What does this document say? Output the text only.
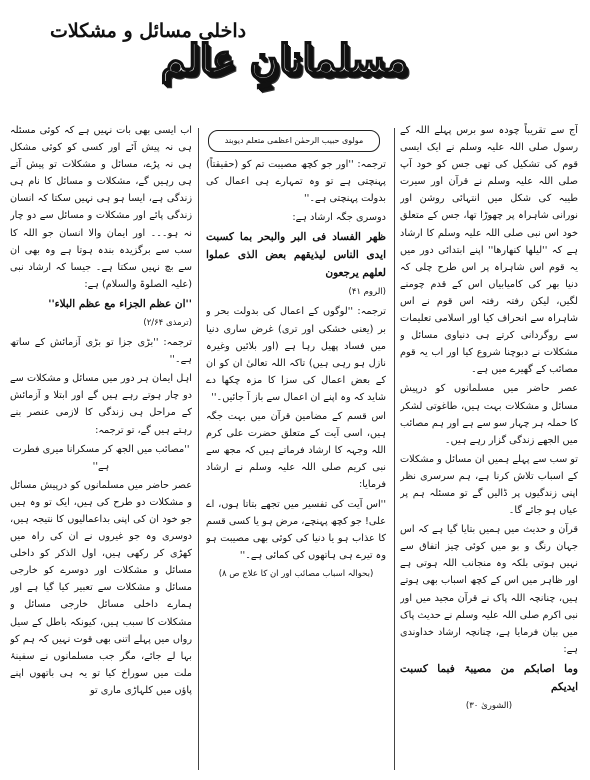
مسلمانانِ عالم
داخلی مسائل و مشکلات
مولوی حبیب الرحمٰن اعظمی متعلم دیوبند

آج سے تقریباً چودہ سو برس پہلے اللہ کے رسول صلی اللہ علیہ وسلم نے ایک ایسی قوم کی تشکیل کی تھی جس کو خود آپ صلی اللہ علیہ وسلم نے قرآن اور سیرت طیبہ کی شکل میں انتہائی روشن اور نورانی شاہراہ پر چھوڑا تھا، جس کے متعلق خود اس نبی صلی اللہ علیہ وسلم کا ارشاد ہے کہ ''لیلھا کنھارھا'' اپنے ابتدائی دور میں یہ قوم اس شاہراہ پر اس طرح چلی کہ دنیا بھر کی کامیابیاں اس کے قدم چومنے لگیں، لیکن رفتہ رفتہ اس قوم نے اس شاہراہ سے انحراف کیا اور اسلامی تعلیمات سے روگردانی کرتے ہی دنیاوی مسائل و مشکلات نے دبوچنا شروع کیا اور اب یہ قوم مصائب کے گھیرے میں ہے۔

عصر حاضر میں مسلمانوں کو درپیش مسائل و مشکلات بہت ہیں، طاغوتی لشکر کا حملہ ہر چہار سو سے ہے اور ہم مصائب میں الجھے زندگی گزار رہے ہیں۔

تو سب سے پہلے ہمیں ان مسائل و مشکلات کے اسباب تلاش کرنا ہے، ہم سرسری نظر اپنی زندگیوں پر ڈالیں گے تو مسئلہ ہم پر عیاں ہو جائے گا۔

قرآن و حدیث میں ہمیں بتایا گیا ہے کہ اس جہان رنگ و بو میں کوئی چیز اتفاق سے نہیں ہوتی بلکہ وہ منجانب اللہ ہوتی ہے اور ظاہر میں اس کے کچھ اسباب بھی ہوتے ہیں، چنانچہ اللہ پاک نے قرآن مجید میں اور نبی اکرم صلی اللہ علیہ وسلم نے حدیث پاک میں بیان فرمایا ہے، چنانچہ ارشاد خداوندی ہے:

وما اصابکم من مصیبۃ فبما کسبت ایدیکم

(الشوریٰ ۳۰)

ترجمہ: ''اور جو کچھ مصیبت تم کو (حقیقتاً) پہنچتی ہے تو وہ تمہارے ہی اعمال کی بدولت پہنچتی ہے۔''

دوسری جگہ ارشاد ہے:

ظھر الفساد فی البر والبحر بما کسبت ایدی الناس لیذیقھم بعض الذی عملوا لعلھم یرجعون

(الروم ۴۱)

ترجمہ: ''لوگوں کے اعمال کی بدولت بحر و بر (یعنی خشکی اور تری) غرض ساری دنیا میں فساد پھیل رہا ہے (اور بلائیں وغیرہ نازل ہو رہی ہیں) تاکہ اللہ تعالیٰ ان کو ان کے بعض اعمال کی سزا کا مزہ چکھا دے شاید کہ وہ اپنے ان اعمال سے باز آ جائیں۔''

اس قسم کے مضامین قرآن میں بہت جگہ ہیں، اسی آیت کے متعلق حضرت علی کرم اللہ وجہہ کا ارشاد فرماتے ہیں کہ مجھ سے نبی کریم صلی اللہ علیہ وسلم نے ارشاد فرمایا:

''اس آیت کی تفسیر میں تجھے بتاتا ہوں، اے علی! جو کچھ پہنچے، مرض ہو یا کسی قسم کا عذاب ہو یا دنیا کی کوئی بھی مصیبت ہو وہ تیرے ہی ہاتھوں کی کمائی ہے۔''

(بحوالہ اسباب مصائب اور ان کا علاج ص ۸)

اب ایسی بھی بات نہیں ہے کہ کوئی مسئلہ ہی نہ پیش آئے اور کسی کو کوئی مشکل ہی نہ پڑے، مسائل و مشکلات تو پیش آتے ہی رہیں گے، مشکلات و مسائل کا نام ہی زندگی ہے، ایسا ہو ہی نہیں سکتا کہ انسان زندگی پائے اور مشکلات و مسائل سے دو چار نہ ہو۔۔۔ اور ایمان والا انسان جو اللہ کا سب سے برگزیدہ بندہ ہوتا ہے وہ بھی ان سے بچ نہیں سکتا ہے۔ جیسا کہ ارشاد نبی (علیہ الصلوۃ والسلام) ہے:

''ان عظم الجزاء مع عظم البلاء''

(ترمذی ۲/۶۴)

ترجمہ: ''بڑی جزا تو بڑی آزمائش کے ساتھ ہے۔''

اہل ایمان ہر دور میں مسائل و مشکلات سے دو چار ہوتے رہے ہیں گے اور ابتلا و آزمائش کے مراحل ہی زندگی کا لازمی عنصر بنے رہتے ہیں گے، تو ترجمہ:

''مصائب میں الجھ کر مسکرانا میری فطرت ہے''

عصر حاضر میں مسلمانوں کو درپیش مسائل و مشکلات دو طرح کی ہیں، ایک تو وہ ہیں جو خود ان کی اپنی بداعمالیوں کا نتیجہ ہیں، دوسری وہ جو غیروں نے ان کی راہ میں کھڑی کر رکھی ہیں، اول الذکر کو داخلی مسائل و مشکلات اور دوسرے کو خارجی مسائل و مشکلات سے تعبیر کیا گیا ہے اور ہمارے داخلی مسائل خارجی مسائل و مشکلات کا سبب ہیں، کیونکہ باطل کے سیل رواں میں پہلے اتنی بھی قوت نہیں کہ ہم کو بہا لے جائے، مگر جب مسلمانوں نے سفینۂ ملت میں سوراخ کیا تو یہ ہی باتھوں اپنے پاؤں میں کلہاڑی ماری تو
